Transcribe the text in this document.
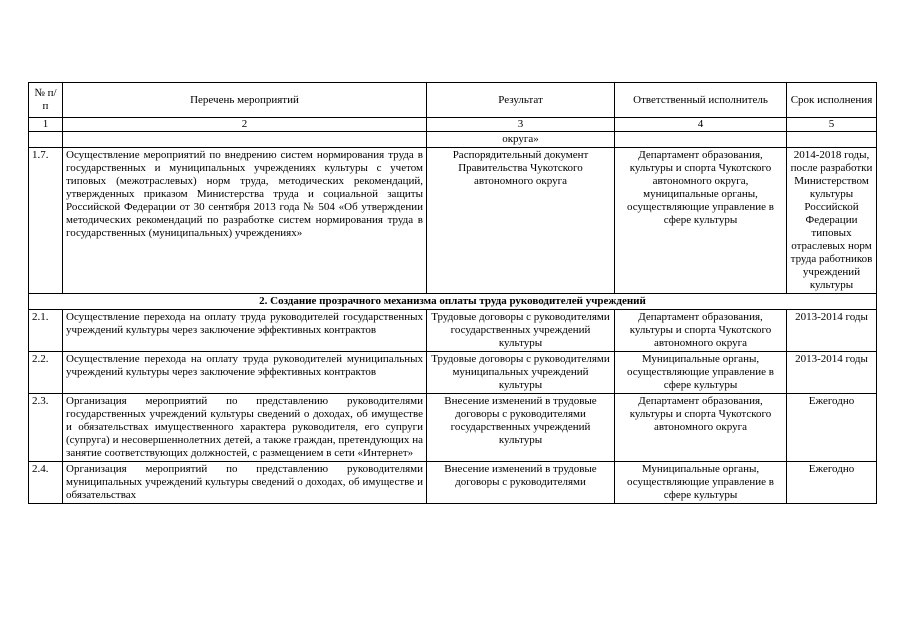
№ п/п	Перечень мероприятий	Результат	Ответственный исполнитель	Срок исполнения
1	2	3	4	5
		округа»		
1.7.	Осуществление мероприятий по внедрению систем нормирования труда в государственных и муниципальных учреждениях культуры с учетом типовых (межотраслевых) норм труда, методических рекомендаций, утвержденных приказом Министерства труда и социальной защиты Российской Федерации от 30 сентября 2013 года № 504 «Об утверждении методических рекомендаций по разработке систем нормирования труда в государственных (муниципальных) учреждениях»	Распорядительный документ Правительства Чукотского автономного округа	Департамент образования, культуры и спорта Чукотского автономного округа, муниципальные органы, осуществляющие управление в сфере культуры	2014-2018 годы, после разработки Министерством культуры Российской Федерации типовых отраслевых норм труда работников учреждений культуры
2. Создание прозрачного механизма оплаты труда руководителей учреждений				
2.1.	Осуществление перехода на оплату труда руководителей государственных учреждений культуры через заключение эффективных контрактов	Трудовые договоры с руководителями государственных учреждений культуры	Департамент образования, культуры и спорта Чукотского автономного округа	2013-2014 годы
2.2.	Осуществление перехода на оплату труда руководителей муниципальных учреждений культуры через заключение эффективных контрактов	Трудовые договоры с руководителями муниципальных учреждений культуры	Муниципальные органы, осуществляющие управление в сфере культуры	2013-2014 годы
2.3.	Организация мероприятий по представлению руководителями государственных учреждений культуры сведений о доходах, об имуществе и обязательствах имущественного характера руководителя, его супруги (супруга) и несовершеннолетних детей, а также граждан, претендующих на занятие соответствующих должностей, с размещением в сети «Интернет»	Внесение изменений в трудовые договоры с руководителями государственных учреждений культуры	Департамент образования, культуры и спорта Чукотского автономного округа	Ежегодно
2.4.	Организация мероприятий по представлению руководителями муниципальных учреждений культуры сведений о доходах, об имуществе и обязательствах	Внесение изменений в трудовые договоры с руководителями	Муниципальные органы, осуществляющие управление в сфере культуры	Ежегодно
